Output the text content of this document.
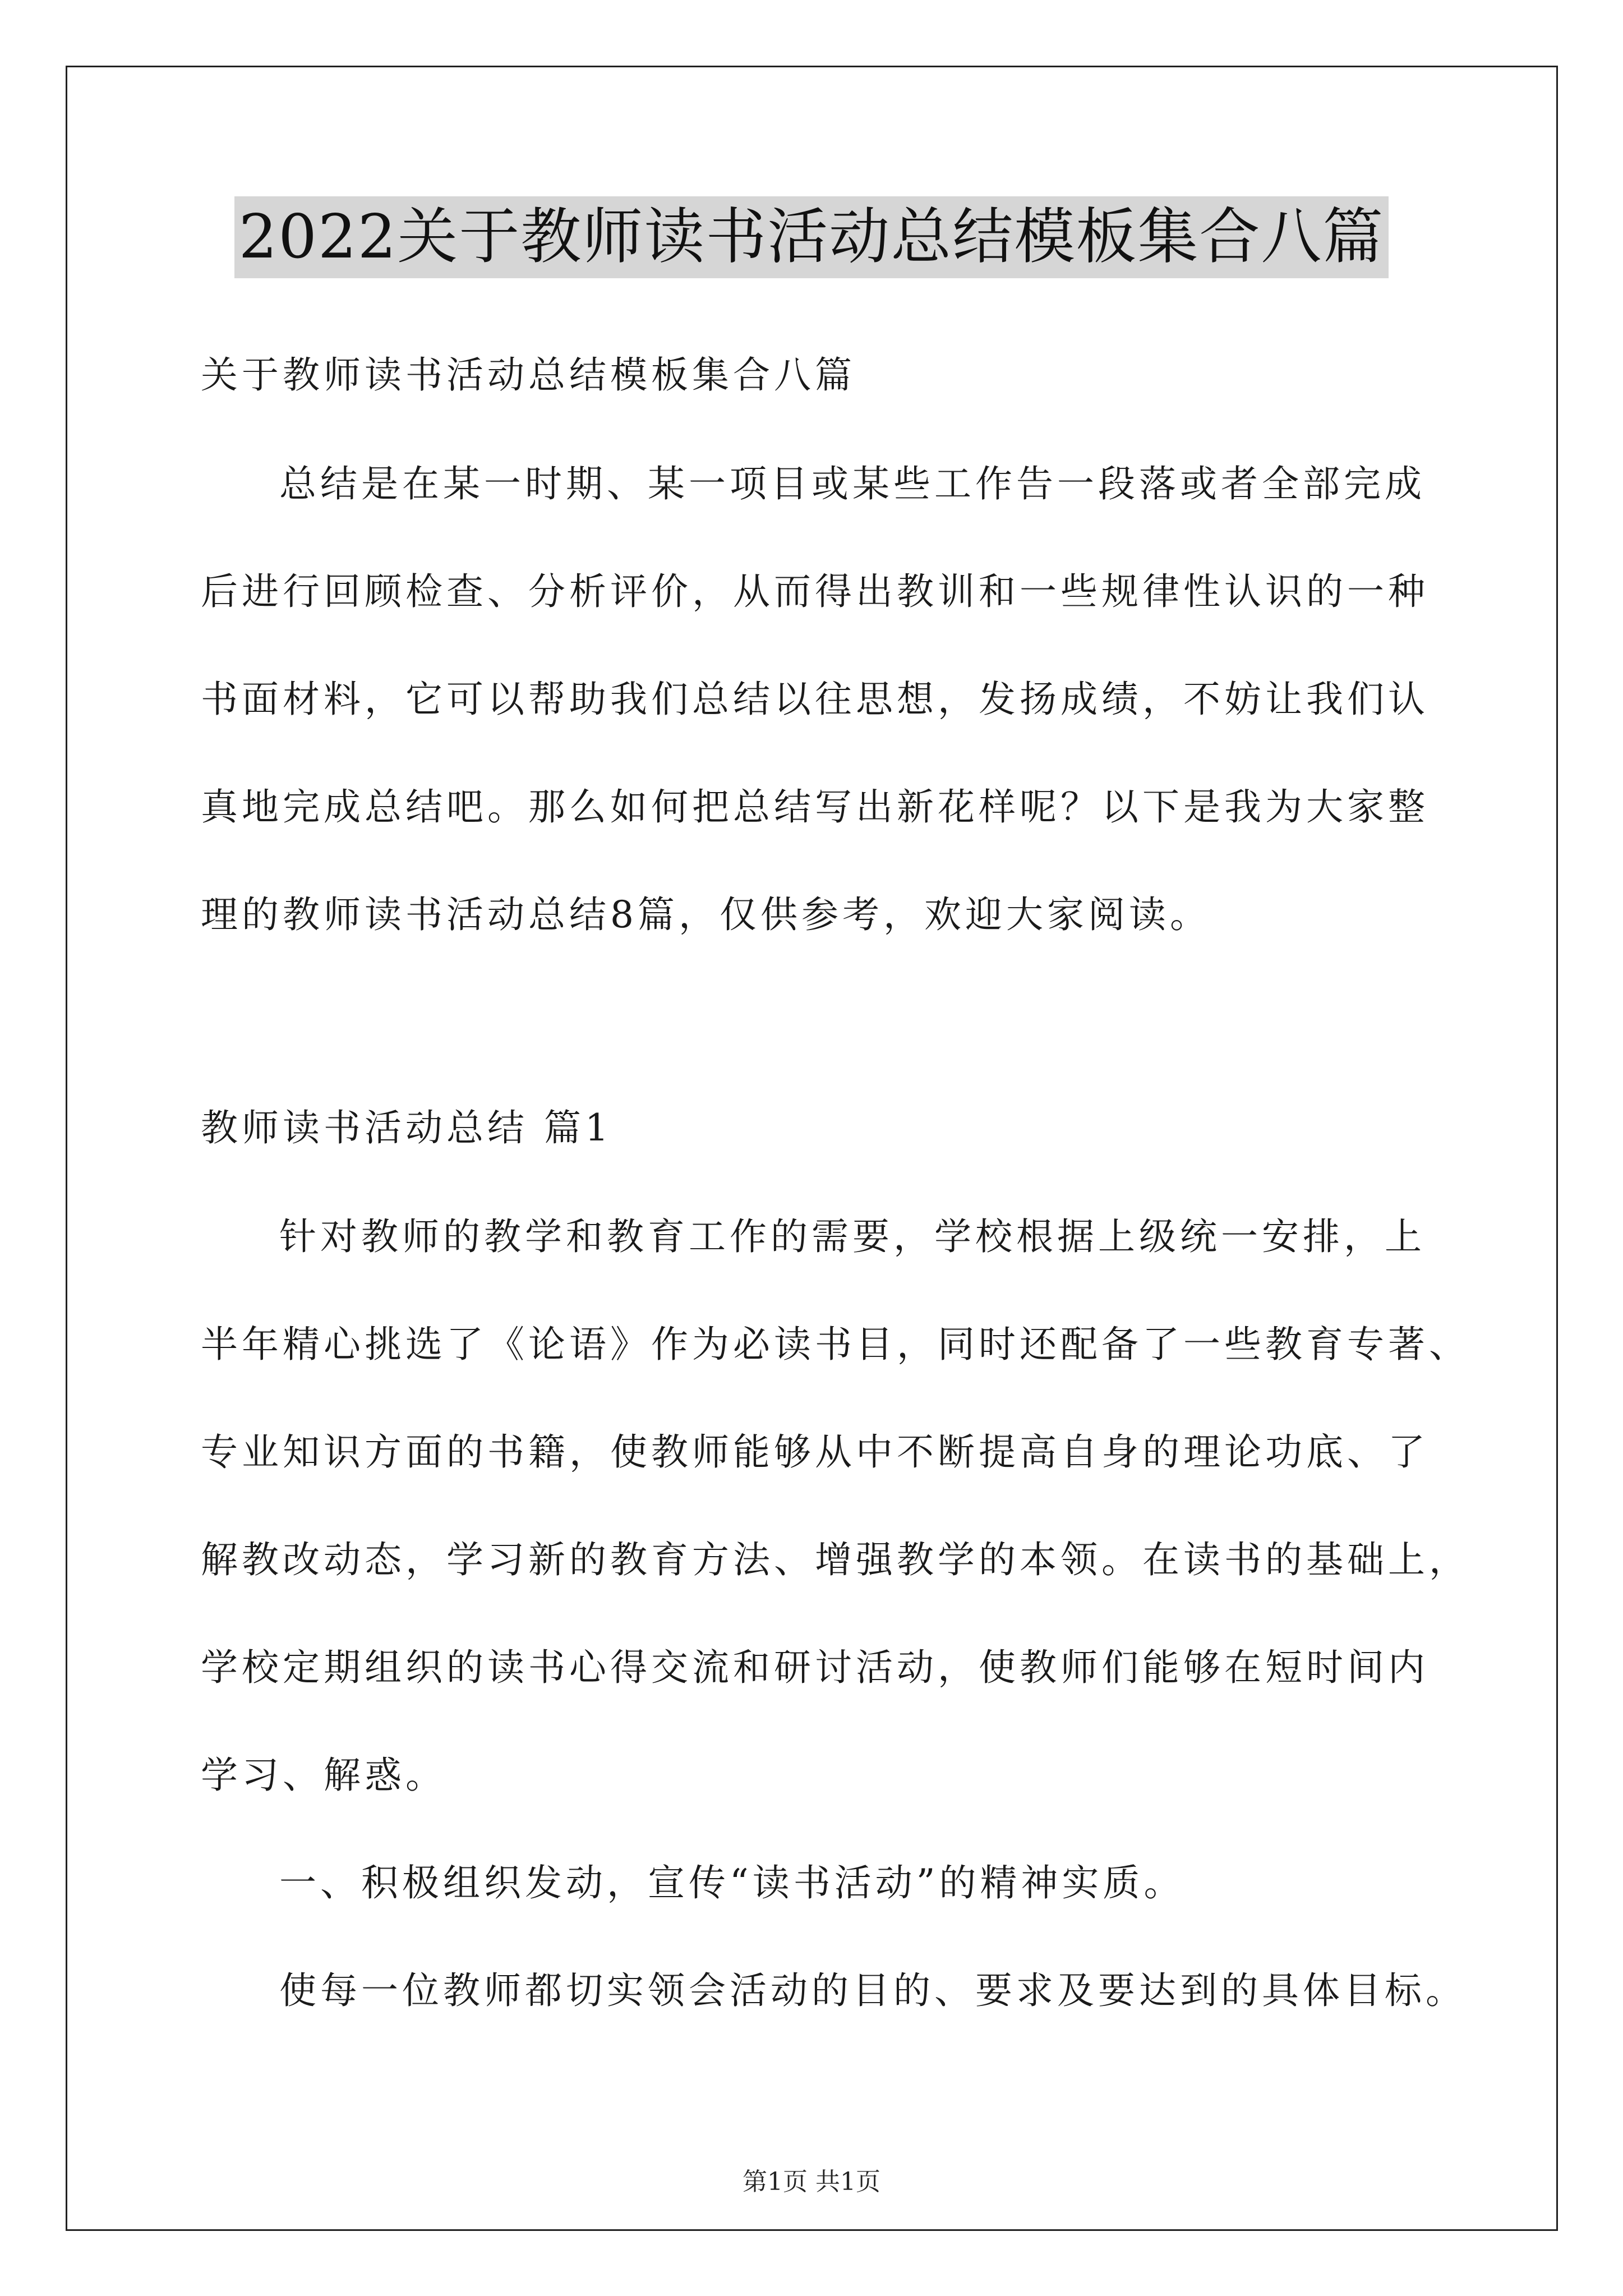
2022关于教师读书活动总结模板集合八篇
关于教师读书活动总结模板集合八篇
总结是在某一时期、某一项目或某些工作告一段落或者全部完成
后进行回顾检查、分析评价，从而得出教训和一些规律性认识的一种
书面材料，它可以帮助我们总结以往思想，发扬成绩，不妨让我们认
真地完成总结吧。那么如何把总结写出新花样呢？以下是我为大家整
理的教师读书活动总结8篇，仅供参考，欢迎大家阅读。
教师读书活动总结 篇1
针对教师的教学和教育工作的需要，学校根据上级统一安排，上
半年精心挑选了《论语》作为必读书目，同时还配备了一些教育专著、
专业知识方面的书籍，使教师能够从中不断提高自身的理论功底、了
解教改动态，学习新的教育方法、增强教学的本领。在读书的基础上，
学校定期组织的读书心得交流和研讨活动，使教师们能够在短时间内
学习、解惑。
一、积极组织发动，宣传“读书活动”的精神实质。
使每一位教师都切实领会活动的目的、要求及要达到的具体目标。
第1页 共1页
